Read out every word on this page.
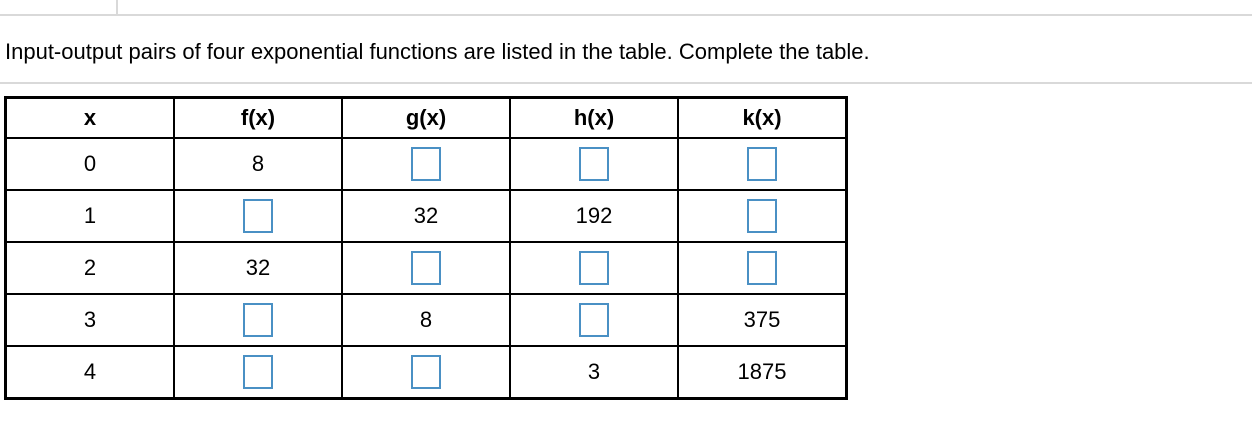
Input-output pairs of four exponential functions are listed in the table. Complete the table.
x	f(x)	g(x)	h(x)	k(x)
0	8			
1		32	192	
2	32			
3		8		375
4			3	1875
